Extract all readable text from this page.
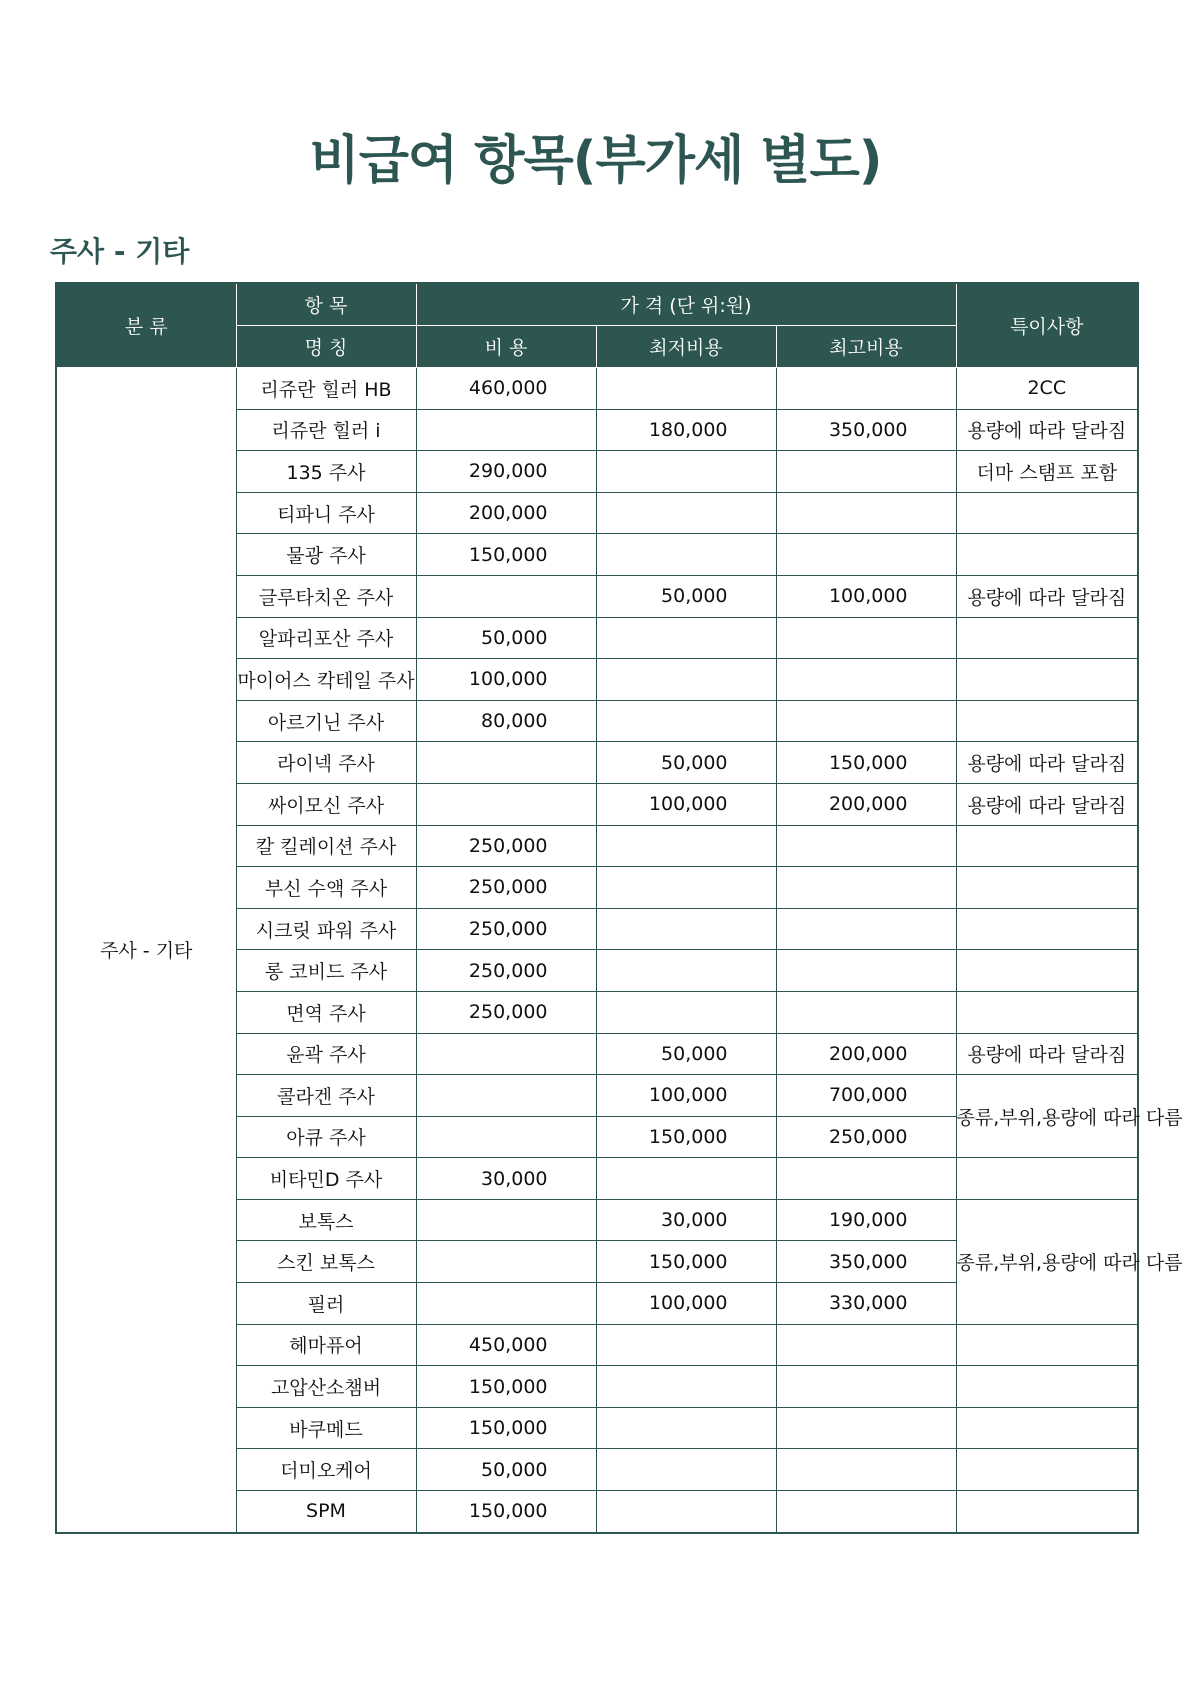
비급여 항목(부가세 별도)
주사 - 기타
분 류	항 목	가 격 (단 위:원)			특이사항
	명 칭	비 용	최저비용	최고비용	
주사 - 기타	리쥬란 힐러 HB	460,000			2CC
	리쥬란 힐러 i		180,000	350,000	용량에 따라 달라짐
	135 주사	290,000			더마 스탬프 포함
	티파니 주사	200,000			
	물광 주사	150,000			
	글루타치온 주사		50,000	100,000	용량에 따라 달라짐
	알파리포산 주사	50,000			
	마이어스 칵테일 주사	100,000			
	아르기닌 주사	80,000			
	라이넥 주사		50,000	150,000	용량에 따라 달라짐
	싸이모신 주사		100,000	200,000	용량에 따라 달라짐
	칼 킬레이션 주사	250,000			
	부신 수액 주사	250,000			
	시크릿 파워 주사	250,000			
	롱 코비드 주사	250,000			
	면역 주사	250,000			
	윤곽 주사		50,000	200,000	용량에 따라 달라짐
	콜라겐 주사		100,000	700,000	종류,부위,용량에 따라 다름
	아큐 주사		150,000	250,000	
	비타민D 주사	30,000			
	보톡스		30,000	190,000	종류,부위,용량에 따라 다름
	스킨 보톡스		150,000	350,000	
	필러		100,000	330,000	
	헤마퓨어	450,000			
	고압산소챔버	150,000			
	바쿠메드	150,000			
	더미오케어	50,000			
	SPM	150,000			
